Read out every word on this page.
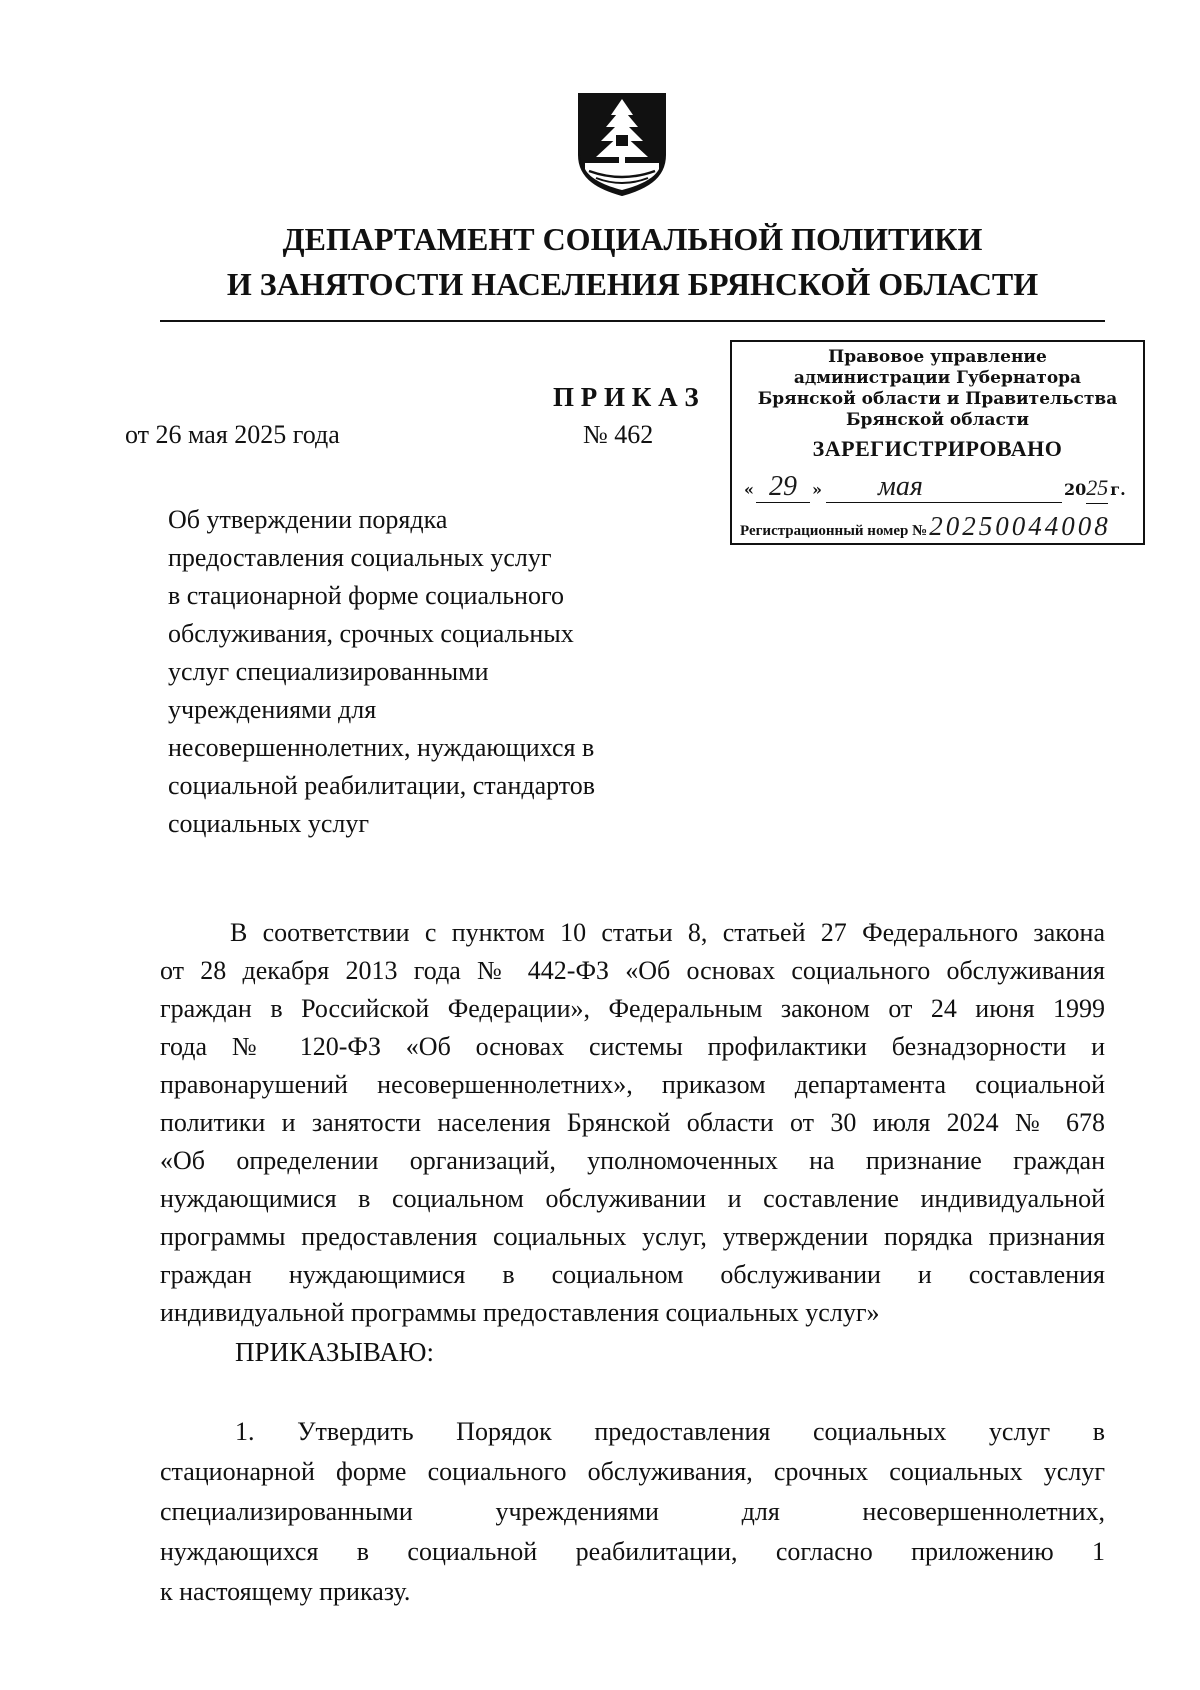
ДЕПАРТАМЕНТ СОЦИАЛЬНОЙ ПОЛИТИКИ
И ЗАНЯТОСТИ НАСЕЛЕНИЯ БРЯНСКОЙ ОБЛАСТИ
П Р И К А З
от 26 мая 2025 года	№ 462
Правовое управление
администрации Губернатора
Брянской области и Правительства
Брянской области
ЗАРЕГИСТРИРОВАНО
« 29 »	мая	20 25 г.
Регистрационный номер № 20250044008
Об утверждении порядка
предоставления социальных услуг
в стационарной форме социального
обслуживания, срочных социальных
услуг специализированными
учреждениями для
несовершеннолетних, нуждающихся в
социальной реабилитации, стандартов
социальных услуг
В соответствии с пунктом 10 статьи 8, статьей 27 Федерального закона
от 28 декабря 2013 года № 442-ФЗ «Об основах социального обслуживания
граждан в Российской Федерации», Федеральным законом от 24 июня 1999
года № 120-ФЗ «Об основах системы профилактики безнадзорности и
правонарушений несовершеннолетних», приказом департамента социальной
политики и занятости населения Брянской области от 30 июля 2024 № 678
«Об определении организаций, уполномоченных на признание граждан
нуждающимися в социальном обслуживании и составление индивидуальной
программы предоставления социальных услуг, утверждении порядка признания
граждан нуждающимися в социальном обслуживании и составления
индивидуальной программы предоставления социальных услуг»
ПРИКАЗЫВАЮ:
1. Утвердить Порядок предоставления социальных услуг в
стационарной форме социального обслуживания, срочных социальных услуг
специализированными учреждениями для несовершеннолетних,
нуждающихся в социальной реабилитации, согласно приложению 1
к настоящему приказу.
